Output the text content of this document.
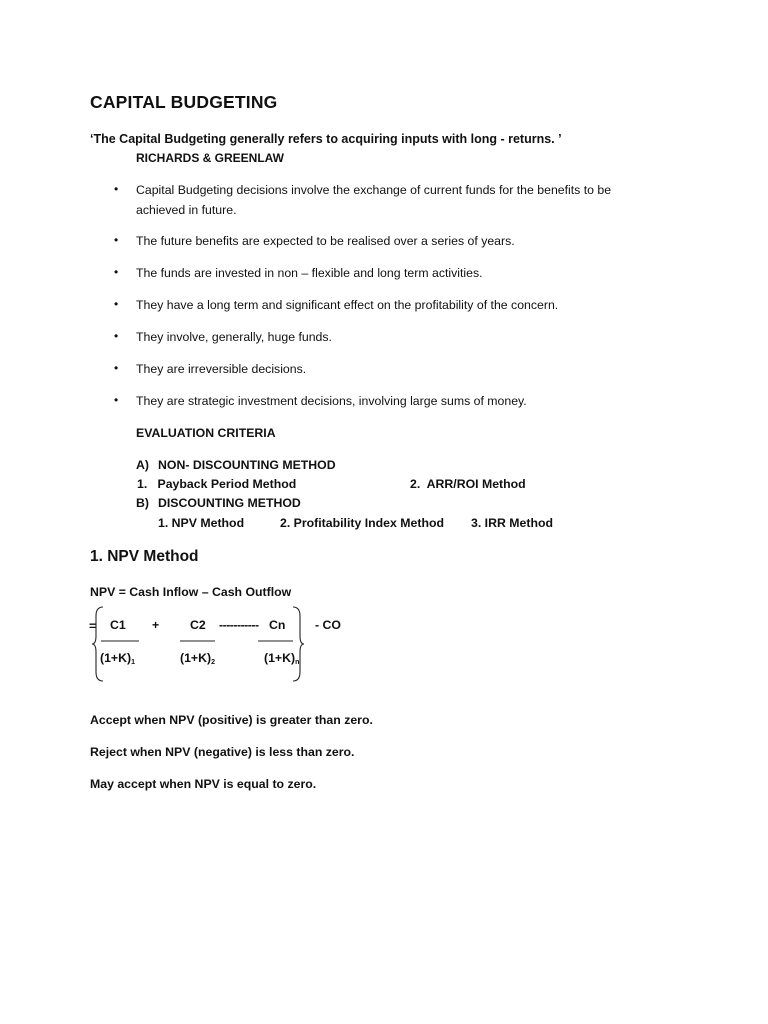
CAPITAL BUDGETING
‘The Capital Budgeting generally refers to acquiring inputs with long - returns. ’
RICHARDS & GREENLAW
• Capital Budgeting decisions involve the exchange of current funds for the benefits to be achieved in future.
• The future benefits are expected to be realised over a series of years.
• The funds are invested in non – flexible and long term activities.
• They have a long term and significant effect on the profitability of the concern.
• They involve, generally, huge funds.
• They are irreversible decisions.
• They are strategic investment decisions, involving large sums of money.
EVALUATION CRITERIA
A) NON- DISCOUNTING METHOD
1.   Payback Period Method	2.  ARR/ROI Method
B) DISCOUNTING METHOD
1. NPV Method	2. Profitability Index Method 3. IRR Method
1. NPV Method
NPV = Cash Inflow – Cash Outflow
= C1 +	C2 ----------- Cn - CO
$(1+K)_1$	$(1+K)_2$	$(1+K)_n$
Accept when NPV (positive) is greater than zero.
Reject when NPV (negative) is less than zero.
May accept when NPV is equal to zero.
